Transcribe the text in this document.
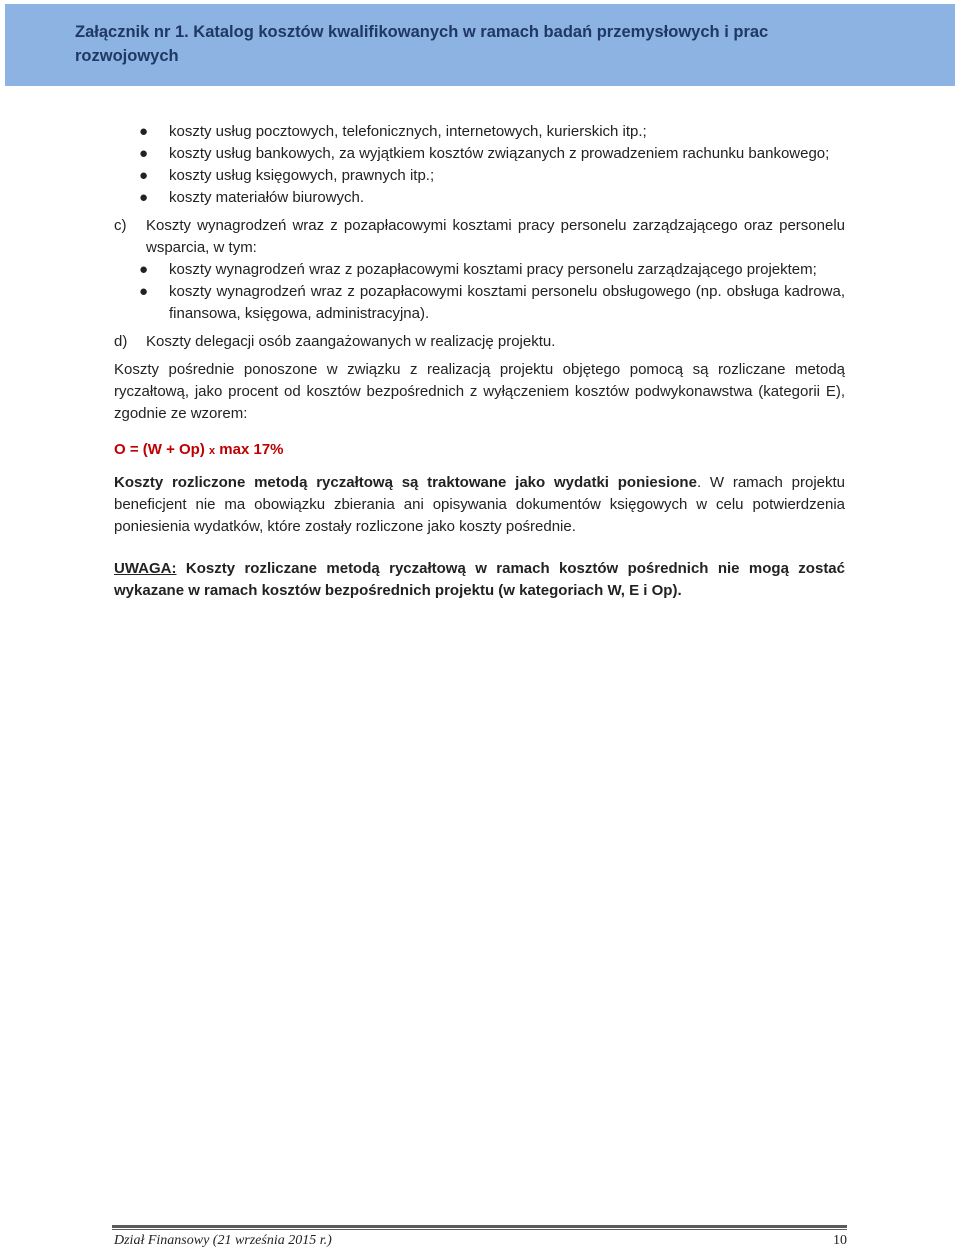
Załącznik nr 1. Katalog kosztów kwalifikowanych w ramach badań przemysłowych i prac rozwojowych
● koszty usług pocztowych, telefonicznych, internetowych, kurierskich itp.;
● koszty usług bankowych, za wyjątkiem kosztów związanych z prowadzeniem rachunku bankowego;
● koszty usług księgowych, prawnych itp.;
● koszty materiałów biurowych.
c) Koszty wynagrodzeń wraz z pozapłacowymi kosztami pracy personelu zarządzającego oraz personelu wsparcia, w tym:
● koszty wynagrodzeń wraz z pozapłacowymi kosztami pracy personelu zarządzającego projektem;
● koszty wynagrodzeń wraz z pozapłacowymi kosztami personelu obsługowego (np. obsługa kadrowa, finansowa, księgowa, administracyjna).
d) Koszty delegacji osób zaangażowanych w realizację projektu.
Koszty pośrednie ponoszone w związku z realizacją projektu objętego pomocą są rozliczane metodą ryczałtową, jako procent od kosztów bezpośrednich z wyłączeniem kosztów podwykonawstwa (kategorii E), zgodnie ze wzorem:
O = (W + Op) x max 17%
Koszty rozliczone metodą ryczałtową są traktowane jako wydatki poniesione. W ramach projektu beneficjent nie ma obowiązku zbierania ani opisywania dokumentów księgowych w celu potwierdzenia poniesienia wydatków, które zostały rozliczone jako koszty pośrednie.
UWAGA: Koszty rozliczane metodą ryczałtową w ramach kosztów pośrednich nie mogą zostać wykazane w ramach kosztów bezpośrednich projektu (w kategoriach W, E i Op).
Dział Finansowy (21 września 2015 r.)	10
